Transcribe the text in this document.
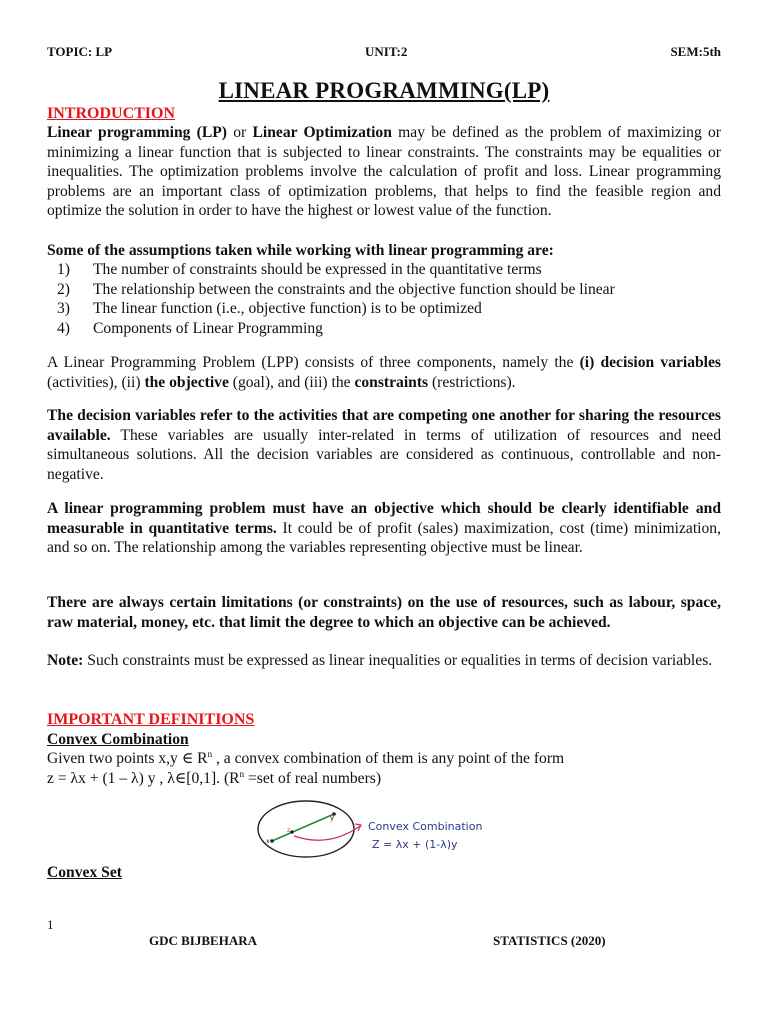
TOPIC: LP	UNIT:2	SEM:5th
LINEAR PROGRAMMING(LP)
INTRODUCTION
Linear programming (LP) or Linear Optimization may be defined as the problem of maximizing or minimizing a linear function that is subjected to linear constraints. The constraints may be equalities or inequalities. The optimization problems involve the calculation of profit and loss. Linear programming problems are an important class of optimization problems, that helps to find the feasible region and optimize the solution in order to have the highest or lowest value of the function.
Some of the assumptions taken while working with linear programming are:
1) The number of constraints should be expressed in the quantitative terms
2) The relationship between the constraints and the objective function should be linear
3) The linear function (i.e., objective function) is to be optimized
4) Components of Linear Programming
A Linear Programming Problem (LPP) consists of three components, namely the (i) decision variables (activities), (ii) the objective (goal), and (iii) the constraints (restrictions).
The decision variables refer to the activities that are competing one another for sharing the resources available. These variables are usually inter-related in terms of utilization of resources and need simultaneous solutions. All the decision variables are considered as continuous, controllable and non-negative.
A linear programming problem must have an objective which should be clearly identifiable and measurable in quantitative terms. It could be of profit (sales) maximization, cost (time) minimization, and so on. The relationship among the variables representing objective must be linear.
There are always certain limitations (or constraints) on the use of resources, such as labour, space, raw material, money, etc. that limit the degree to which an objective can be achieved.
Note: Such constraints must be expressed as linear inequalities or equalities in terms of decision variables.
IMPORTANT DEFINITIONS
Convex Combination
Given two points x,y ∈ $R^n$ , a convex combination of them is any point of the form
z = λx + (1 – λ) y , λ∈[0,1]. ($R^n =set$ of real numbers)
x
y
z	Convex Combination
Z = λx + (1-λ)y
Convex Set
1
GDC BIJBEHARA	STATISTICS (2020)
